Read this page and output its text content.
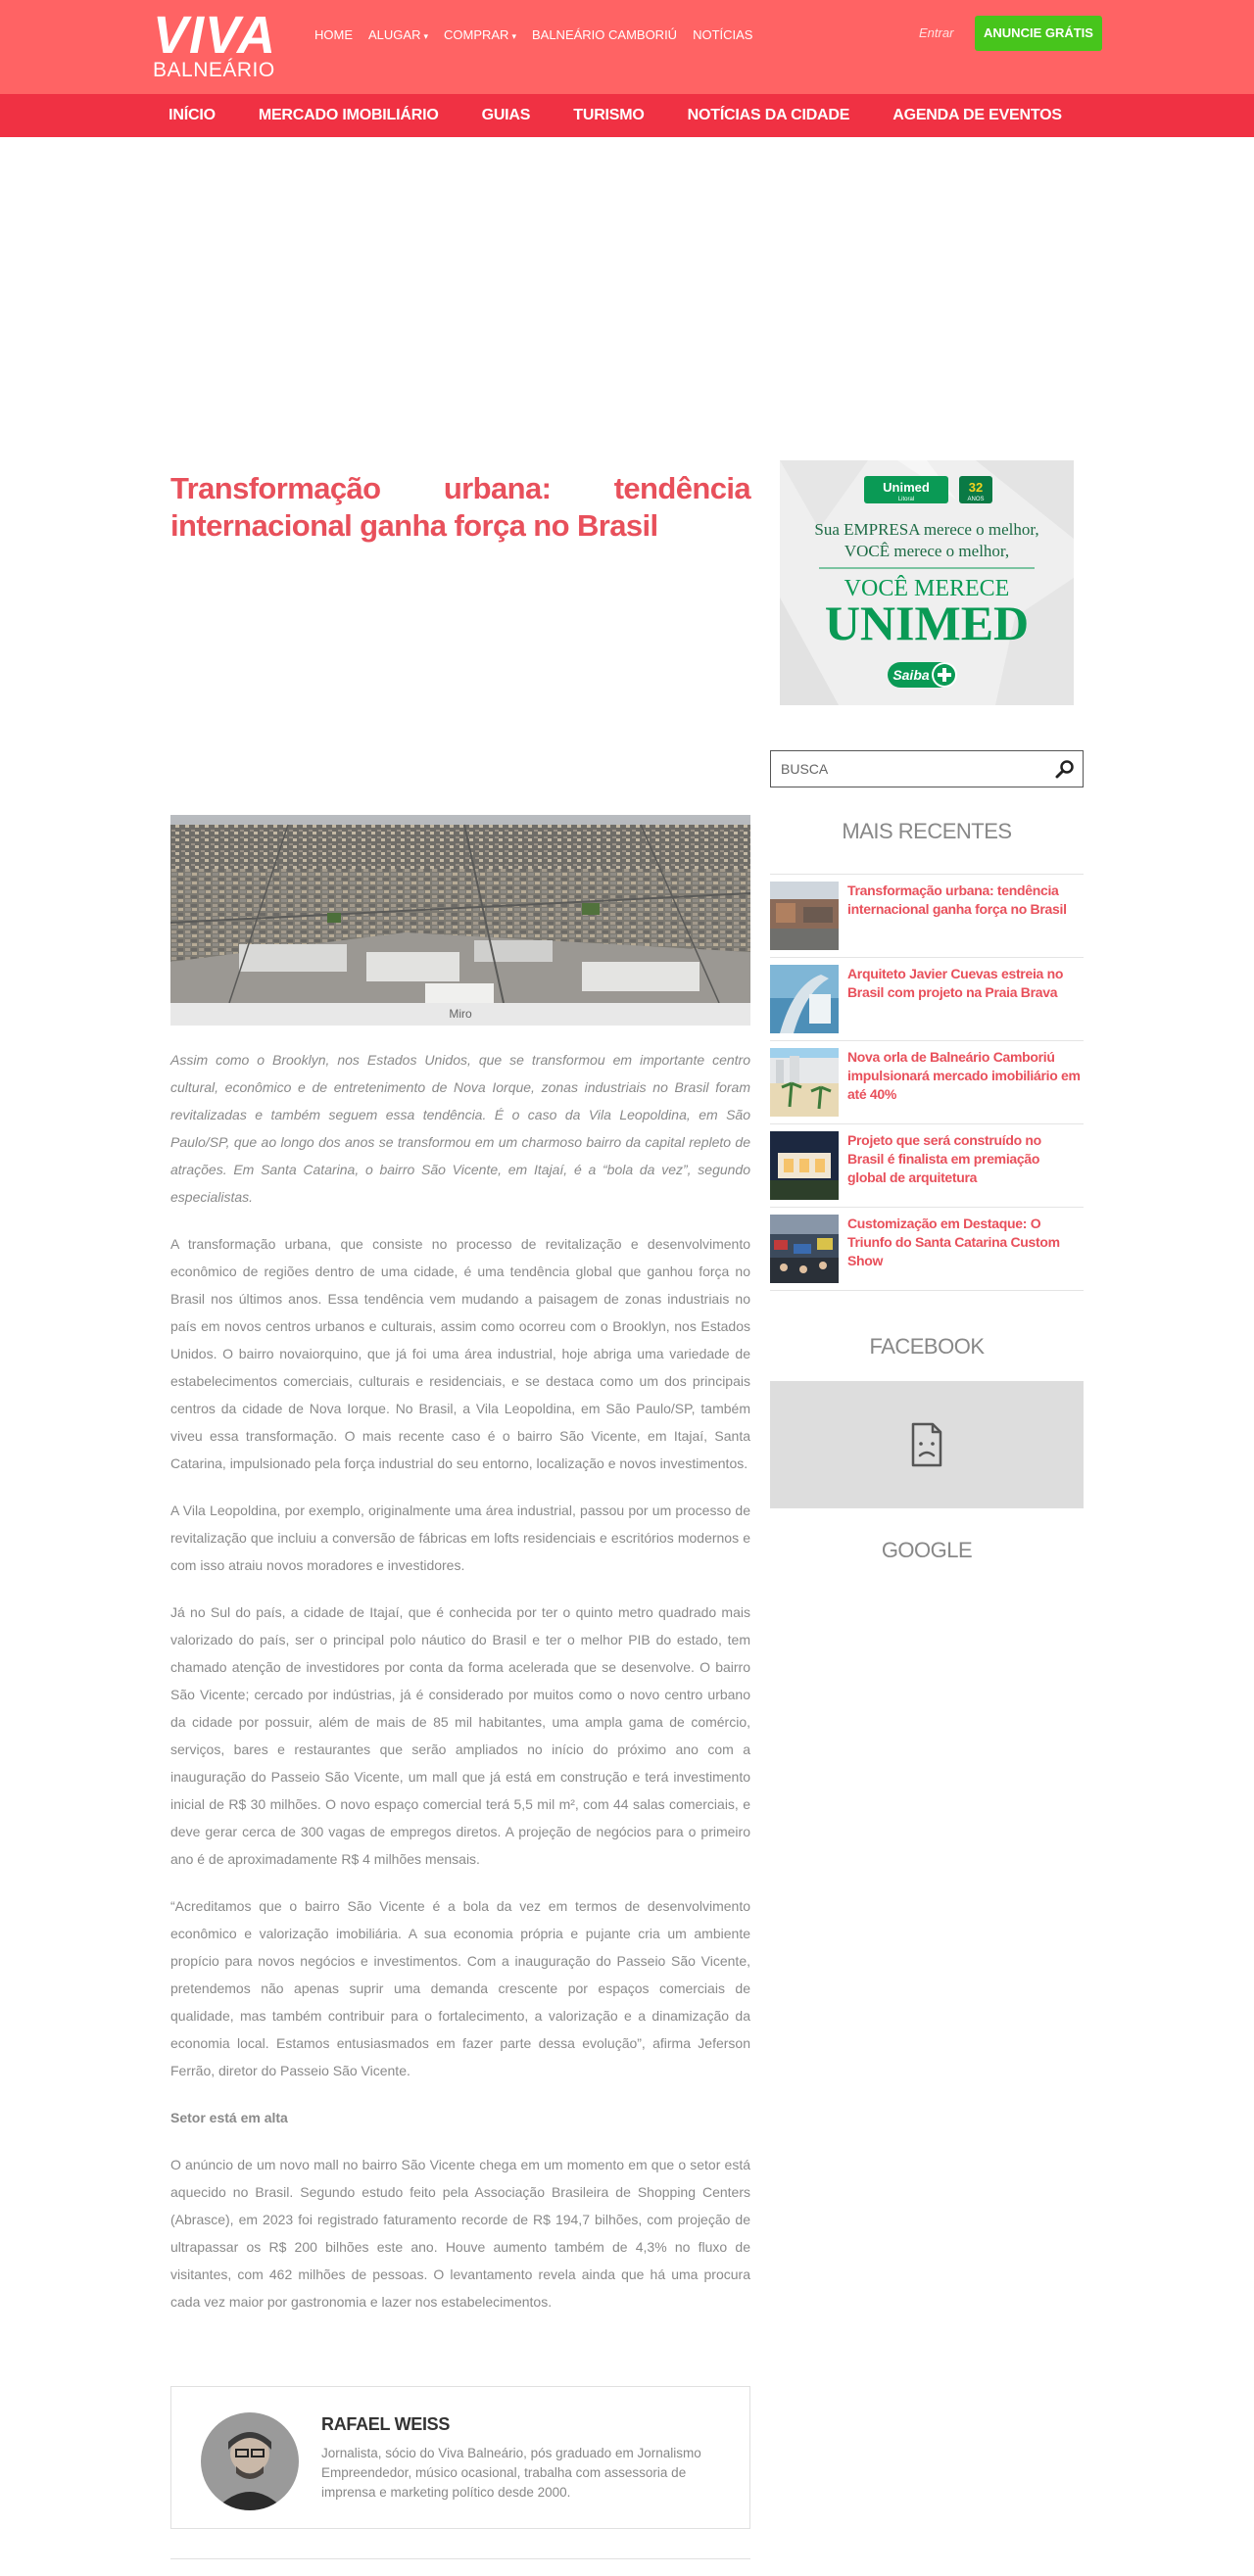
VIVA
BALNEÁRIO
HOME ALUGAR ▾ COMPRAR ▾ BALNEÁRIO CAMBORIÚ NOTÍCIAS	Entrar	ANUNCIE GRÁTIS
INÍCIO	MERCADO IMOBILIÁRIO	GUIAS	TURISMO	NOTÍCIAS DA CIDADE	AGENDA DE EVENTOS
Transformação urbana: tendência internacional ganha força no Brasil
Miro

Assim como o Brooklyn, nos Estados Unidos, que se transformou em importante centro cultural, econômico e de entretenimento de Nova Iorque, zonas industriais no Brasil foram revitalizadas e também seguem essa tendência. É o caso da Vila Leopoldina, em São Paulo/SP, que ao longo dos anos se transformou em um charmoso bairro da capital repleto de atrações. Em Santa Catarina, o bairro São Vicente, em Itajaí, é a “bola da vez”, segundo especialistas.

A transformação urbana, que consiste no processo de revitalização e desenvolvimento econômico de regiões dentro de uma cidade, é uma tendência global que ganhou força no Brasil nos últimos anos. Essa tendência vem mudando a paisagem de zonas industriais no país em novos centros urbanos e culturais, assim como ocorreu com o Brooklyn, nos Estados Unidos. O bairro novaiorquino, que já foi uma área industrial, hoje abriga uma variedade de estabelecimentos comerciais, culturais e residenciais, e se destaca como um dos principais centros da cidade de Nova Iorque. No Brasil, a Vila Leopoldina, em São Paulo/SP, também viveu essa transformação. O mais recente caso é o bairro São Vicente, em Itajaí, Santa Catarina, impulsionado pela força industrial do seu entorno, localização e novos investimentos.

A Vila Leopoldina, por exemplo, originalmente uma área industrial, passou por um processo de revitalização que incluiu a conversão de fábricas em lofts residenciais e escritórios modernos e com isso atraiu novos moradores e investidores.

Já no Sul do país, a cidade de Itajaí, que é conhecida por ter o quinto metro quadrado mais valorizado do país, ser o principal polo náutico do Brasil e ter o melhor PIB do estado, tem chamado atenção de investidores por conta da forma acelerada que se desenvolve. O bairro São Vicente; cercado por indústrias, já é considerado por muitos como o novo centro urbano da cidade por possuir, além de mais de 85 mil habitantes, uma ampla gama de comércio, serviços, bares e restaurantes que serão ampliados no início do próximo ano com a inauguração do Passeio São Vicente, um mall que já está em construção e terá investimento inicial de R$ 30 milhões. O novo espaço comercial terá 5,5 mil m², com 44 salas comerciais, e deve gerar cerca de 300 vagas de empregos diretos. A projeção de negócios para o primeiro ano é de aproximadamente R$ 4 milhões mensais.

“Acreditamos que o bairro São Vicente é a bola da vez em termos de desenvolvimento econômico e valorização imobiliária. A sua economia própria e pujante cria um ambiente propício para novos negócios e investimentos. Com a inauguração do Passeio São Vicente, pretendemos não apenas suprir uma demanda crescente por espaços comerciais de qualidade, mas também contribuir para o fortalecimento, a valorização e a dinamização da economia local. Estamos entusiasmados em fazer parte dessa evolução”, afirma Jeferson Ferrão, diretor do Passeio São Vicente.

Setor está em alta

O anúncio de um novo mall no bairro São Vicente chega em um momento em que o setor está aquecido no Brasil. Segundo estudo feito pela Associação Brasileira de Shopping Centers (Abrasce), em 2023 foi registrado faturamento recorde de R$ 194,7 bilhões, com projeção de ultrapassar os R$ 200 bilhões este ano. Houve aumento também de 4,3% no fluxo de visitantes, com 462 milhões de pessoas. O levantamento revela ainda que há uma procura cada vez maior por gastronomia e lazer nos estabelecimentos.

RAFAEL WEISS
Jornalista, sócio do Viva Balneário, pós graduado em Jornalismo Empreendedor, músico ocasional, trabalha com assessoria de imprensa e marketing político desde 2000.
Unimed
Litoral
32
ANOS
Sua EMPRESA merece o melhor,
VOCÊ merece o melhor,
VOCÊ MERECE
UNIMED
Saiba
BUSCA
MAIS RECENTES
Transformação urbana: tendência internacional ganha força no Brasil
Arquiteto Javier Cuevas estreia no Brasil com projeto na Praia Brava
Nova orla de Balneário Camboriú impulsionará mercado imobiliário em até 40%
Projeto que será construído no Brasil é finalista em premiação global de arquitetura
Customização em Destaque: O Triunfo do Santa Catarina Custom Show
FACEBOOK
GOOGLE
